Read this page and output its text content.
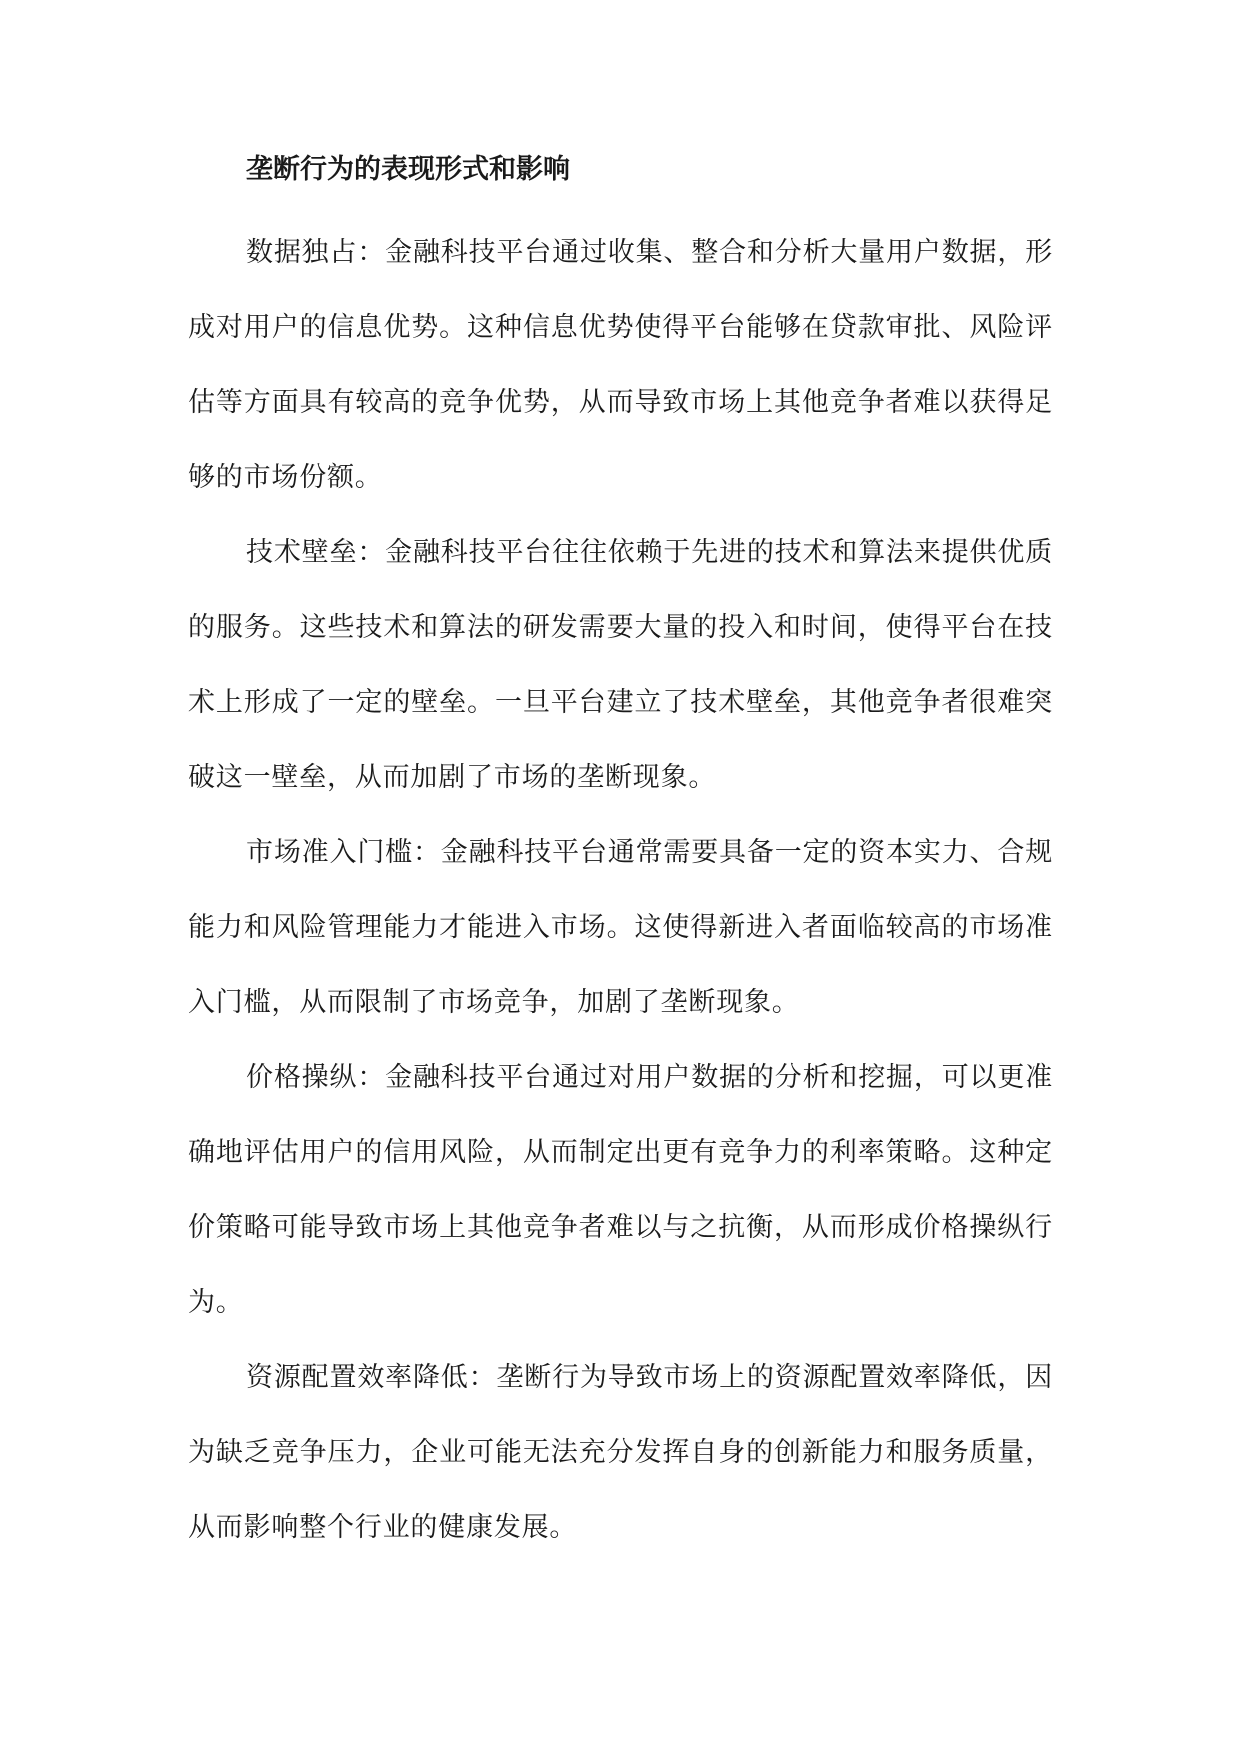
垄断行为的表现形式和影响

数据独占：金融科技平台通过收集、整合和分析大量用户数据，形成对用户的信息优势。这种信息优势使得平台能够在贷款审批、风险评估等方面具有较高的竞争优势，从而导致市场上其他竞争者难以获得足够的市场份额。

技术壁垒：金融科技平台往往依赖于先进的技术和算法来提供优质的服务。这些技术和算法的研发需要大量的投入和时间，使得平台在技术上形成了一定的壁垒。一旦平台建立了技术壁垒，其他竞争者很难突破这一壁垒，从而加剧了市场的垄断现象。

市场准入门槛：金融科技平台通常需要具备一定的资本实力、合规能力和风险管理能力才能进入市场。这使得新进入者面临较高的市场准入门槛，从而限制了市场竞争，加剧了垄断现象。

价格操纵：金融科技平台通过对用户数据的分析和挖掘，可以更准确地评估用户的信用风险，从而制定出更有竞争力的利率策略。这种定价策略可能导致市场上其他竞争者难以与之抗衡，从而形成价格操纵行为。

资源配置效率降低：垄断行为导致市场上的资源配置效率降低，因为缺乏竞争压力，企业可能无法充分发挥自身的创新能力和服务质量，从而影响整个行业的健康发展。
